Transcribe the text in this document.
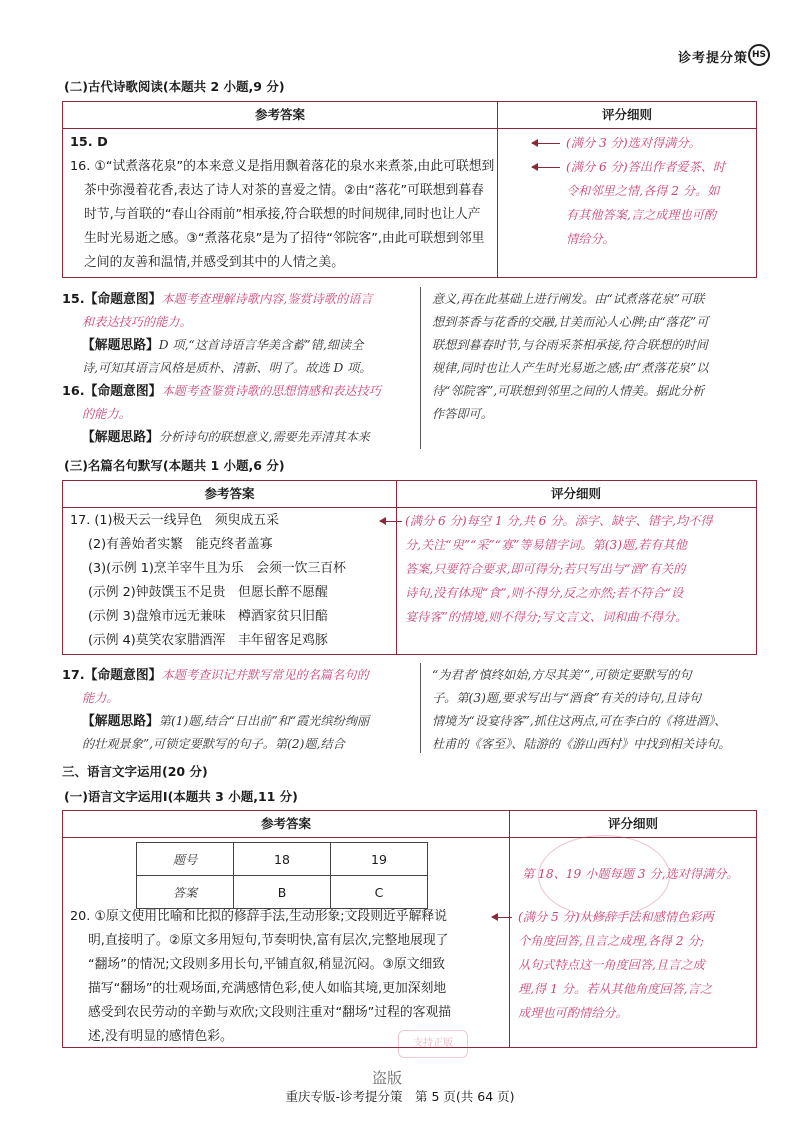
诊考提分策 HS
(二)古代诗歌阅读(本题共 2 小题,9 分)
参考答案	评分细则
15. D
16. ①“试煮落花泉”的本来意义是指用飘着落花的泉水来煮茶,由此可联想到
茶中弥漫着花香,表达了诗人对茶的喜爱之情。②由“落花”可联想到暮春
时节,与首联的“春山谷雨前”相承接,符合联想的时间规律,同时也让人产
生时光易逝之感。③“煮落花泉”是为了招待“邻院客”,由此可联想到邻里
之间的友善和温情,并感受到其中的人情之美。
(满分 3 分)选对得满分。
(满分 6 分)答出作者爱茶、时
令和邻里之情,各得 2 分。如
有其他答案,言之成理也可酌
情给分。
15.【命题意图】本题考查理解诗歌内容,鉴赏诗歌的语言
和表达技巧的能力。
【解题思路】D 项,“这首诗语言华美含蓄”错,细读全
诗,可知其语言风格是质朴、清新、明了。故选 D 项。
16.【命题意图】本题考查鉴赏诗歌的思想情感和表达技巧
的能力。
【解题思路】分析诗句的联想意义,需要先弄清其本来
意义,再在此基础上进行阐发。由“试煮落花泉”可联
想到茶香与花香的交融,甘美而沁人心脾;由“落花”可
联想到暮春时节,与谷雨采茶相承接,符合联想的时间
规律,同时也让人产生时光易逝之感;由“煮落花泉”以
待“邻院客”,可联想到邻里之间的人情美。据此分析
作答即可。
(三)名篇名句默写(本题共 1 小题,6 分)
参考答案	评分细则
17. (1)极天云一线异色　须臾成五采
(2)有善始者实繁　能克终者盖寡
(3)(示例 1)烹羊宰牛且为乐　会须一饮三百杯
(示例 2)钟鼓馔玉不足贵　但愿长醉不愿醒
(示例 3)盘飧市远无兼味　樽酒家贫只旧醅
(示例 4)莫笑农家腊酒浑　丰年留客足鸡豚
(满分 6 分)每空 1 分,共 6 分。添字、缺字、错字,均不得
分,关注“臾”“采”“寡”等易错字词。第(3)题,若有其他
答案,只要符合要求,即可得分;若只写出与“酒”有关的
诗句,没有体现“食”,则不得分,反之亦然;若不符合“设
宴待客”的情境,则不得分;写文言文、词和曲不得分。
17.【命题意图】本题考查识记并默写常见的名篇名句的
能力。
【解题思路】第(1)题,结合“日出前”和“霞光缤纷绚丽
的壮观景象”,可锁定要默写的句子。第(2)题,结合
“为君者‘慎终如始,方尽其美’”,可锁定要默写的句
子。第(3)题,要求写出与“酒食”有关的诗句,且诗句
情境为“设宴待客”,抓住这两点,可在李白的《将进酒》、
杜甫的《客至》、陆游的《游山西村》中找到相关诗句。
三、语言文字运用(20 分)
(一)语言文字运用Ⅰ(本题共 3 小题,11 分)
参考答案	评分细则
题号	18	19
答案	B	C
第 18、19 小题每题 3 分,选对得满分。
20. ①原文使用比喻和比拟的修辞手法,生动形象;文段则近乎解释说
明,直接明了。②原文多用短句,节奏明快,富有层次,完整地展现了
“翻场”的情况;文段则多用长句,平铺直叙,稍显沉闷。③原文细致
描写“翻场”的壮观场面,充满感情色彩,使人如临其境,更加深刻地
感受到农民劳动的辛勤与欢欣;文段则注重对“翻场”过程的客观描
述,没有明显的感情色彩。
(满分 5 分)从修辞手法和感情色彩两
个角度回答,且言之成理,各得 2 分;
从句式特点这一角度回答,且言之成
理,得 1 分。若从其他角度回答,言之
成理也可酌情给分。
支持正版
盗版
重庆专版-诊考提分策　第 5 页(共 64 页)
